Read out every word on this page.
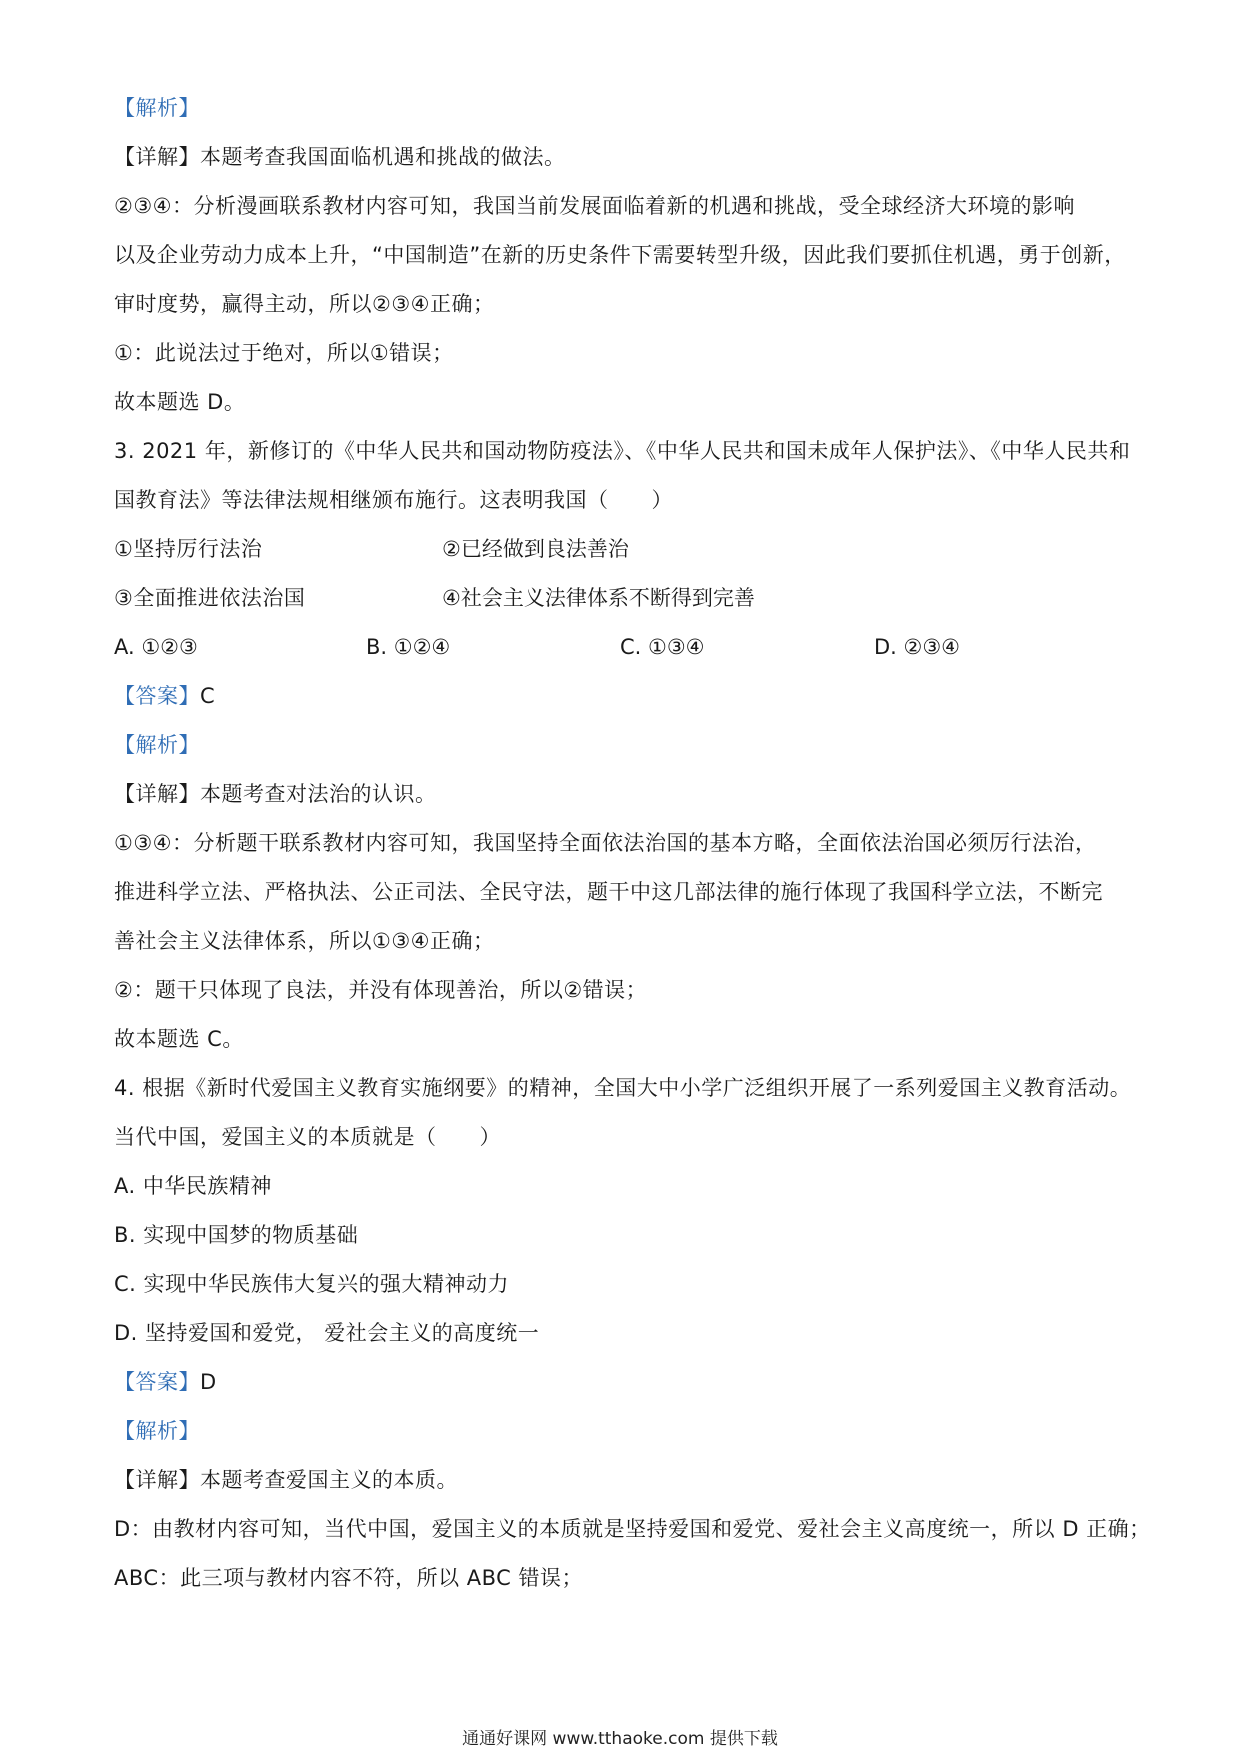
【解析】
【详解】本题考查我国面临机遇和挑战的做法。
②③④：分析漫画联系教材内容可知，我国当前发展面临着新的机遇和挑战，受全球经济大环境的影响
以及企业劳动力成本上升，“中国制造”在新的历史条件下需要转型升级，因此我们要抓住机遇，勇于创新，
审时度势，赢得主动，所以②③④正确；
①：此说法过于绝对，所以①错误；
故本题选 D。
3. 2021 年，新修订的《中华人民共和国动物防疫法》、《中华人民共和国未成年人保护法》、《中华人民共和
国教育法》等法律法规相继颁布施行。这表明我国（　　）
①坚持厉行法治	②已经做到良法善治
③全面推进依法治国	④社会主义法律体系不断得到完善
A. ①②③	B. ①②④	C. ①③④	D. ②③④
【答案】C
【解析】
【详解】本题考查对法治的认识。
①③④：分析题干联系教材内容可知，我国坚持全面依法治国的基本方略，全面依法治国必须厉行法治，
推进科学立法、严格执法、公正司法、全民守法，题干中这几部法律的施行体现了我国科学立法，不断完
善社会主义法律体系，所以①③④正确；
②：题干只体现了良法，并没有体现善治，所以②错误；
故本题选 C。
4. 根据《新时代爱国主义教育实施纲要》的精神，全国大中小学广泛组织开展了一系列爱国主义教育活动。
当代中国，爱国主义的本质就是（　　）
A. 中华民族精神
B. 实现中国梦的物质基础
C. 实现中华民族伟大复兴的强大精神动力
D. 坚持爱国和爱党， 爱社会主义的高度统一
【答案】D
【解析】
【详解】本题考查爱国主义的本质。
D：由教材内容可知，当代中国，爱国主义的本质就是坚持爱国和爱党、爱社会主义高度统一，所以 D 正确；
ABC：此三项与教材内容不符，所以 ABC 错误；
通通好课网 www.tthaoke.com 提供下载
